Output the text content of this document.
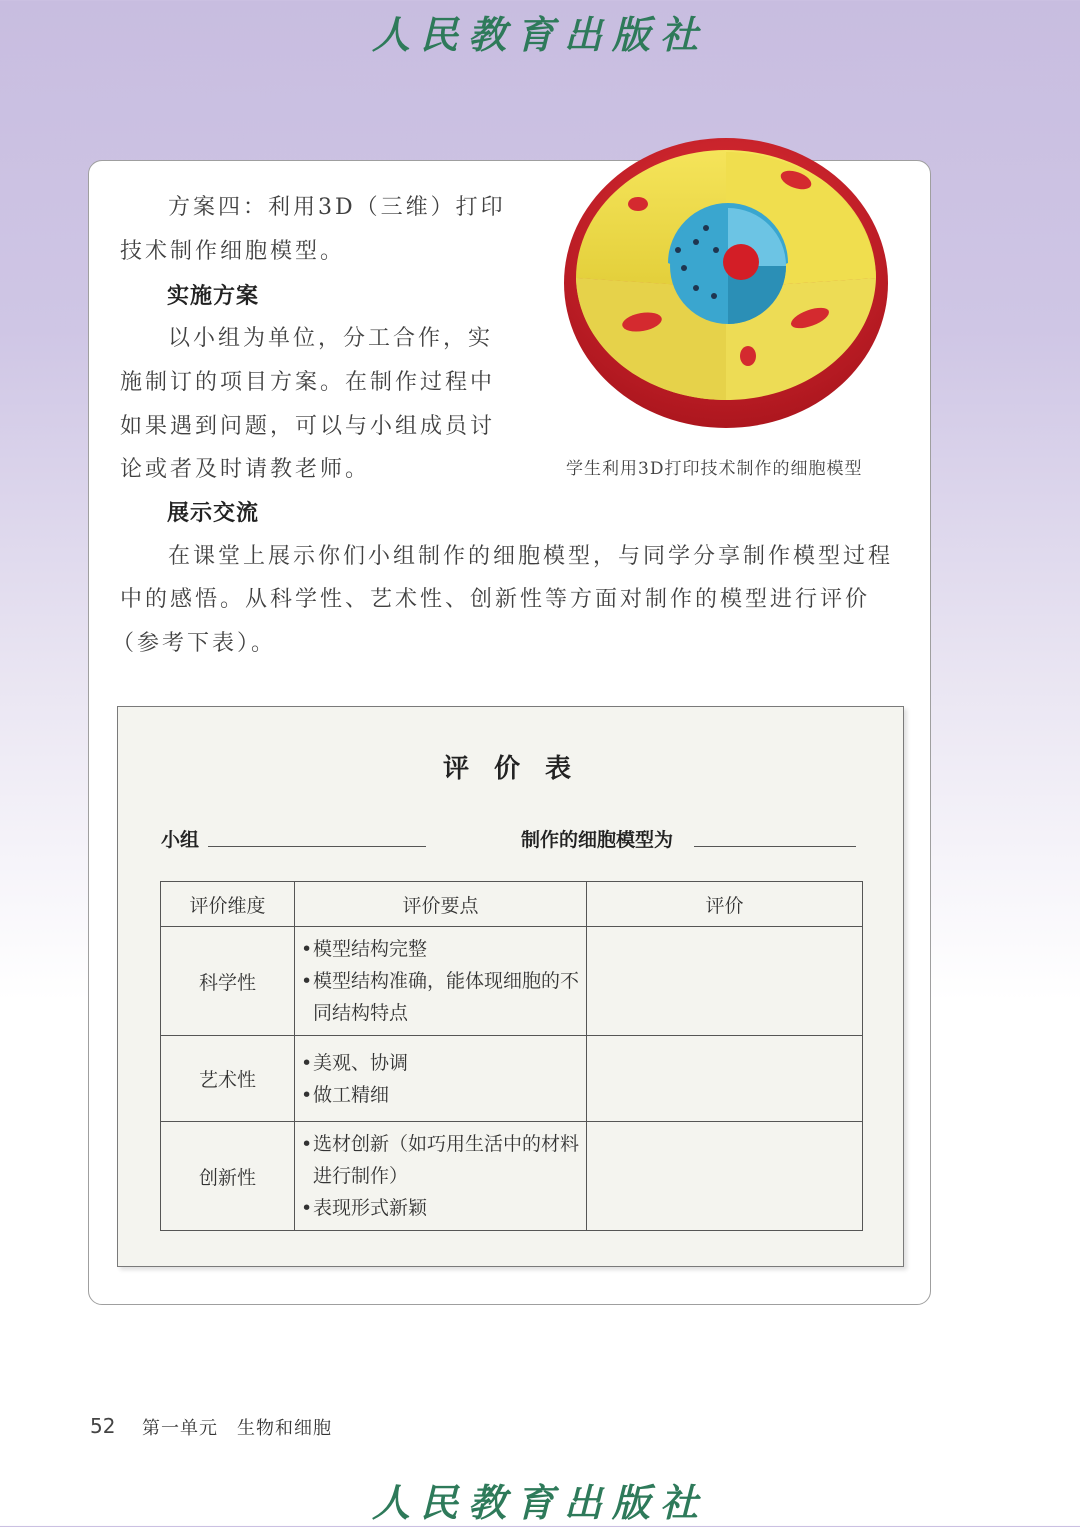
人民教育出版社
方案四：利用3D（三维）打印
技术制作细胞模型。
实施方案
以小组为单位，分工合作，实
施制订的项目方案。在制作过程中
如果遇到问题，可以与小组成员讨
论或者及时请教老师。	学生利用3D打印技术制作的细胞模型
展示交流
在课堂上展示你们小组制作的细胞模型，与同学分享制作模型过程
中的感悟。从科学性、艺术性、创新性等方面对制作的模型进行评价
（参考下表）。
评 价 表
小组	制作的细胞模型为
评价维度	评价要点	评价
科学性	• 模型结构完整
• 模型结构准确，能体现细胞的不同结构特点

艺术性	• 美观、协调
• 做工精细

创新性	• 选材创新（如巧用生活中的材料进行制作）
• 表现形式新颖

52 第一单元　生物和细胞
人民教育出版社
